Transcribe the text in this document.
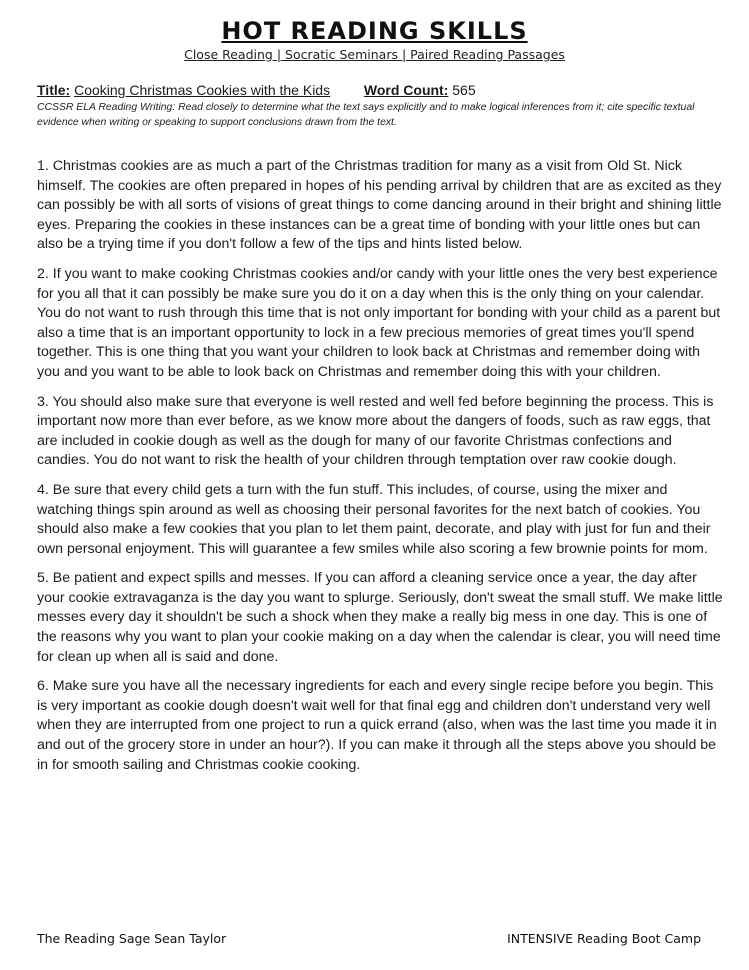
HOT READING SKILLS
Close Reading | Socratic Seminars | Paired Reading Passages
Title: Cooking Christmas Cookies with the Kids Word Count: 565
CCSSR ELA Reading Writing: Read closely to determine what the text says explicitly and to make logical inferences from it; cite specific textual evidence when writing or speaking to support conclusions drawn from the text.

1. Christmas cookies are as much a part of the Christmas tradition for many as a visit from Old St. Nick himself. The cookies are often prepared in hopes of his pending arrival by children that are as excited as they can possibly be with all sorts of visions of great things to come dancing around in their bright and shining little eyes. Preparing the cookies in these instances can be a great time of bonding with your little ones but can also be a trying time if you don't follow a few of the tips and hints listed below.

2. If you want to make cooking Christmas cookies and/or candy with your little ones the very best experience for you all that it can possibly be make sure you do it on a day when this is the only thing on your calendar. You do not want to rush through this time that is not only important for bonding with your child as a parent but also a time that is an important opportunity to lock in a few precious memories of great times you'll spend together. This is one thing that you want your children to look back at Christmas and remember doing with you and you want to be able to look back on Christmas and remember doing this with your children.

3. You should also make sure that everyone is well rested and well fed before beginning the process. This is important now more than ever before, as we know more about the dangers of foods, such as raw eggs, that are included in cookie dough as well as the dough for many of our favorite Christmas confections and candies. You do not want to risk the health of your children through temptation over raw cookie dough.

4. Be sure that every child gets a turn with the fun stuff. This includes, of course, using the mixer and watching things spin around as well as choosing their personal favorites for the next batch of cookies. You should also make a few cookies that you plan to let them paint, decorate, and play with just for fun and their own personal enjoyment. This will guarantee a few smiles while also scoring a few brownie points for mom.

5. Be patient and expect spills and messes. If you can afford a cleaning service once a year, the day after your cookie extravaganza is the day you want to splurge. Seriously, don't sweat the small stuff. We make little messes every day it shouldn't be such a shock when they make a really big mess in one day. This is one of the reasons why you want to plan your cookie making on a day when the calendar is clear, you will need time for clean up when all is said and done.

6. Make sure you have all the necessary ingredients for each and every single recipe before you begin. This is very important as cookie dough doesn't wait well for that final egg and children don't understand very well when they are interrupted from one project to run a quick errand (also, when was the last time you made it in and out of the grocery store in under an hour?). If you can make it through all the steps above you should be in for smooth sailing and Christmas cookie cooking.

The Reading Sage Sean Taylor	INTENSIVE Reading Boot Camp
